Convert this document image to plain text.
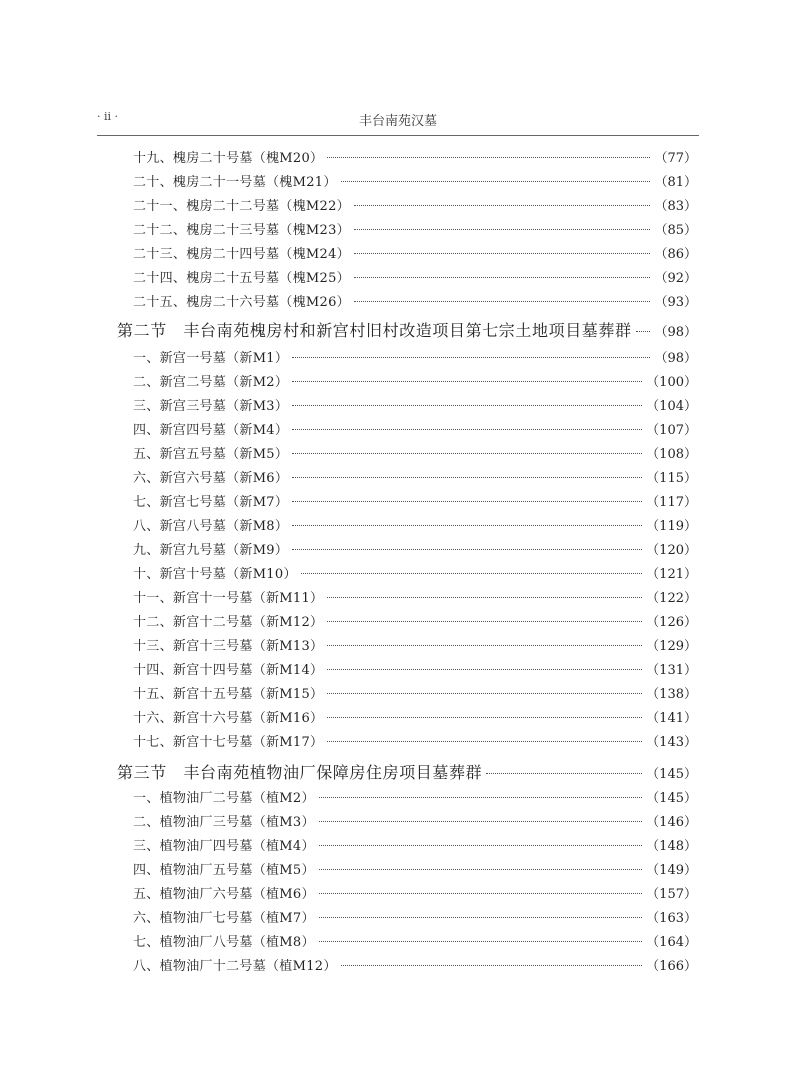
· ii ·	丰台南苑汉墓
十九、槐房二十号墓（槐M20）	（77）
二十、槐房二十一号墓（槐M21）	（81）
二十一、槐房二十二号墓（槐M22）	（83）
二十二、槐房二十三号墓（槐M23）	（85）
二十三、槐房二十四号墓（槐M24）	（86）
二十四、槐房二十五号墓（槐M25）	（92）
二十五、槐房二十六号墓（槐M26）	（93）
第二节　丰台南苑槐房村和新宫村旧村改造项目第七宗土地项目墓葬群 （98）
一、新宫一号墓（新M1）	（98）
二、新宫二号墓（新M2）	（100）
三、新宫三号墓（新M3）	（104）
四、新宫四号墓（新M4）	（107）
五、新宫五号墓（新M5）	（108）
六、新宫六号墓（新M6）	（115）
七、新宫七号墓（新M7）	（117）
八、新宫八号墓（新M8）	（119）
九、新宫九号墓（新M9）	（120）
十、新宫十号墓（新M10）	（121）
十一、新宫十一号墓（新M11）	（122）
十二、新宫十二号墓（新M12）	（126）
十三、新宫十三号墓（新M13）	（129）
十四、新宫十四号墓（新M14）	（131）
十五、新宫十五号墓（新M15）	（138）
十六、新宫十六号墓（新M16）	（141）
十七、新宫十七号墓（新M17）	（143）
第三节　丰台南苑植物油厂保障房住房项目墓葬群	（145）
一、植物油厂二号墓（植M2）	（145）
二、植物油厂三号墓（植M3）	（146）
三、植物油厂四号墓（植M4）	（148）
四、植物油厂五号墓（植M5）	（149）
五、植物油厂六号墓（植M6）	（157）
六、植物油厂七号墓（植M7）	（163）
七、植物油厂八号墓（植M8）	（164）
八、植物油厂十二号墓（植M12）	（166）
